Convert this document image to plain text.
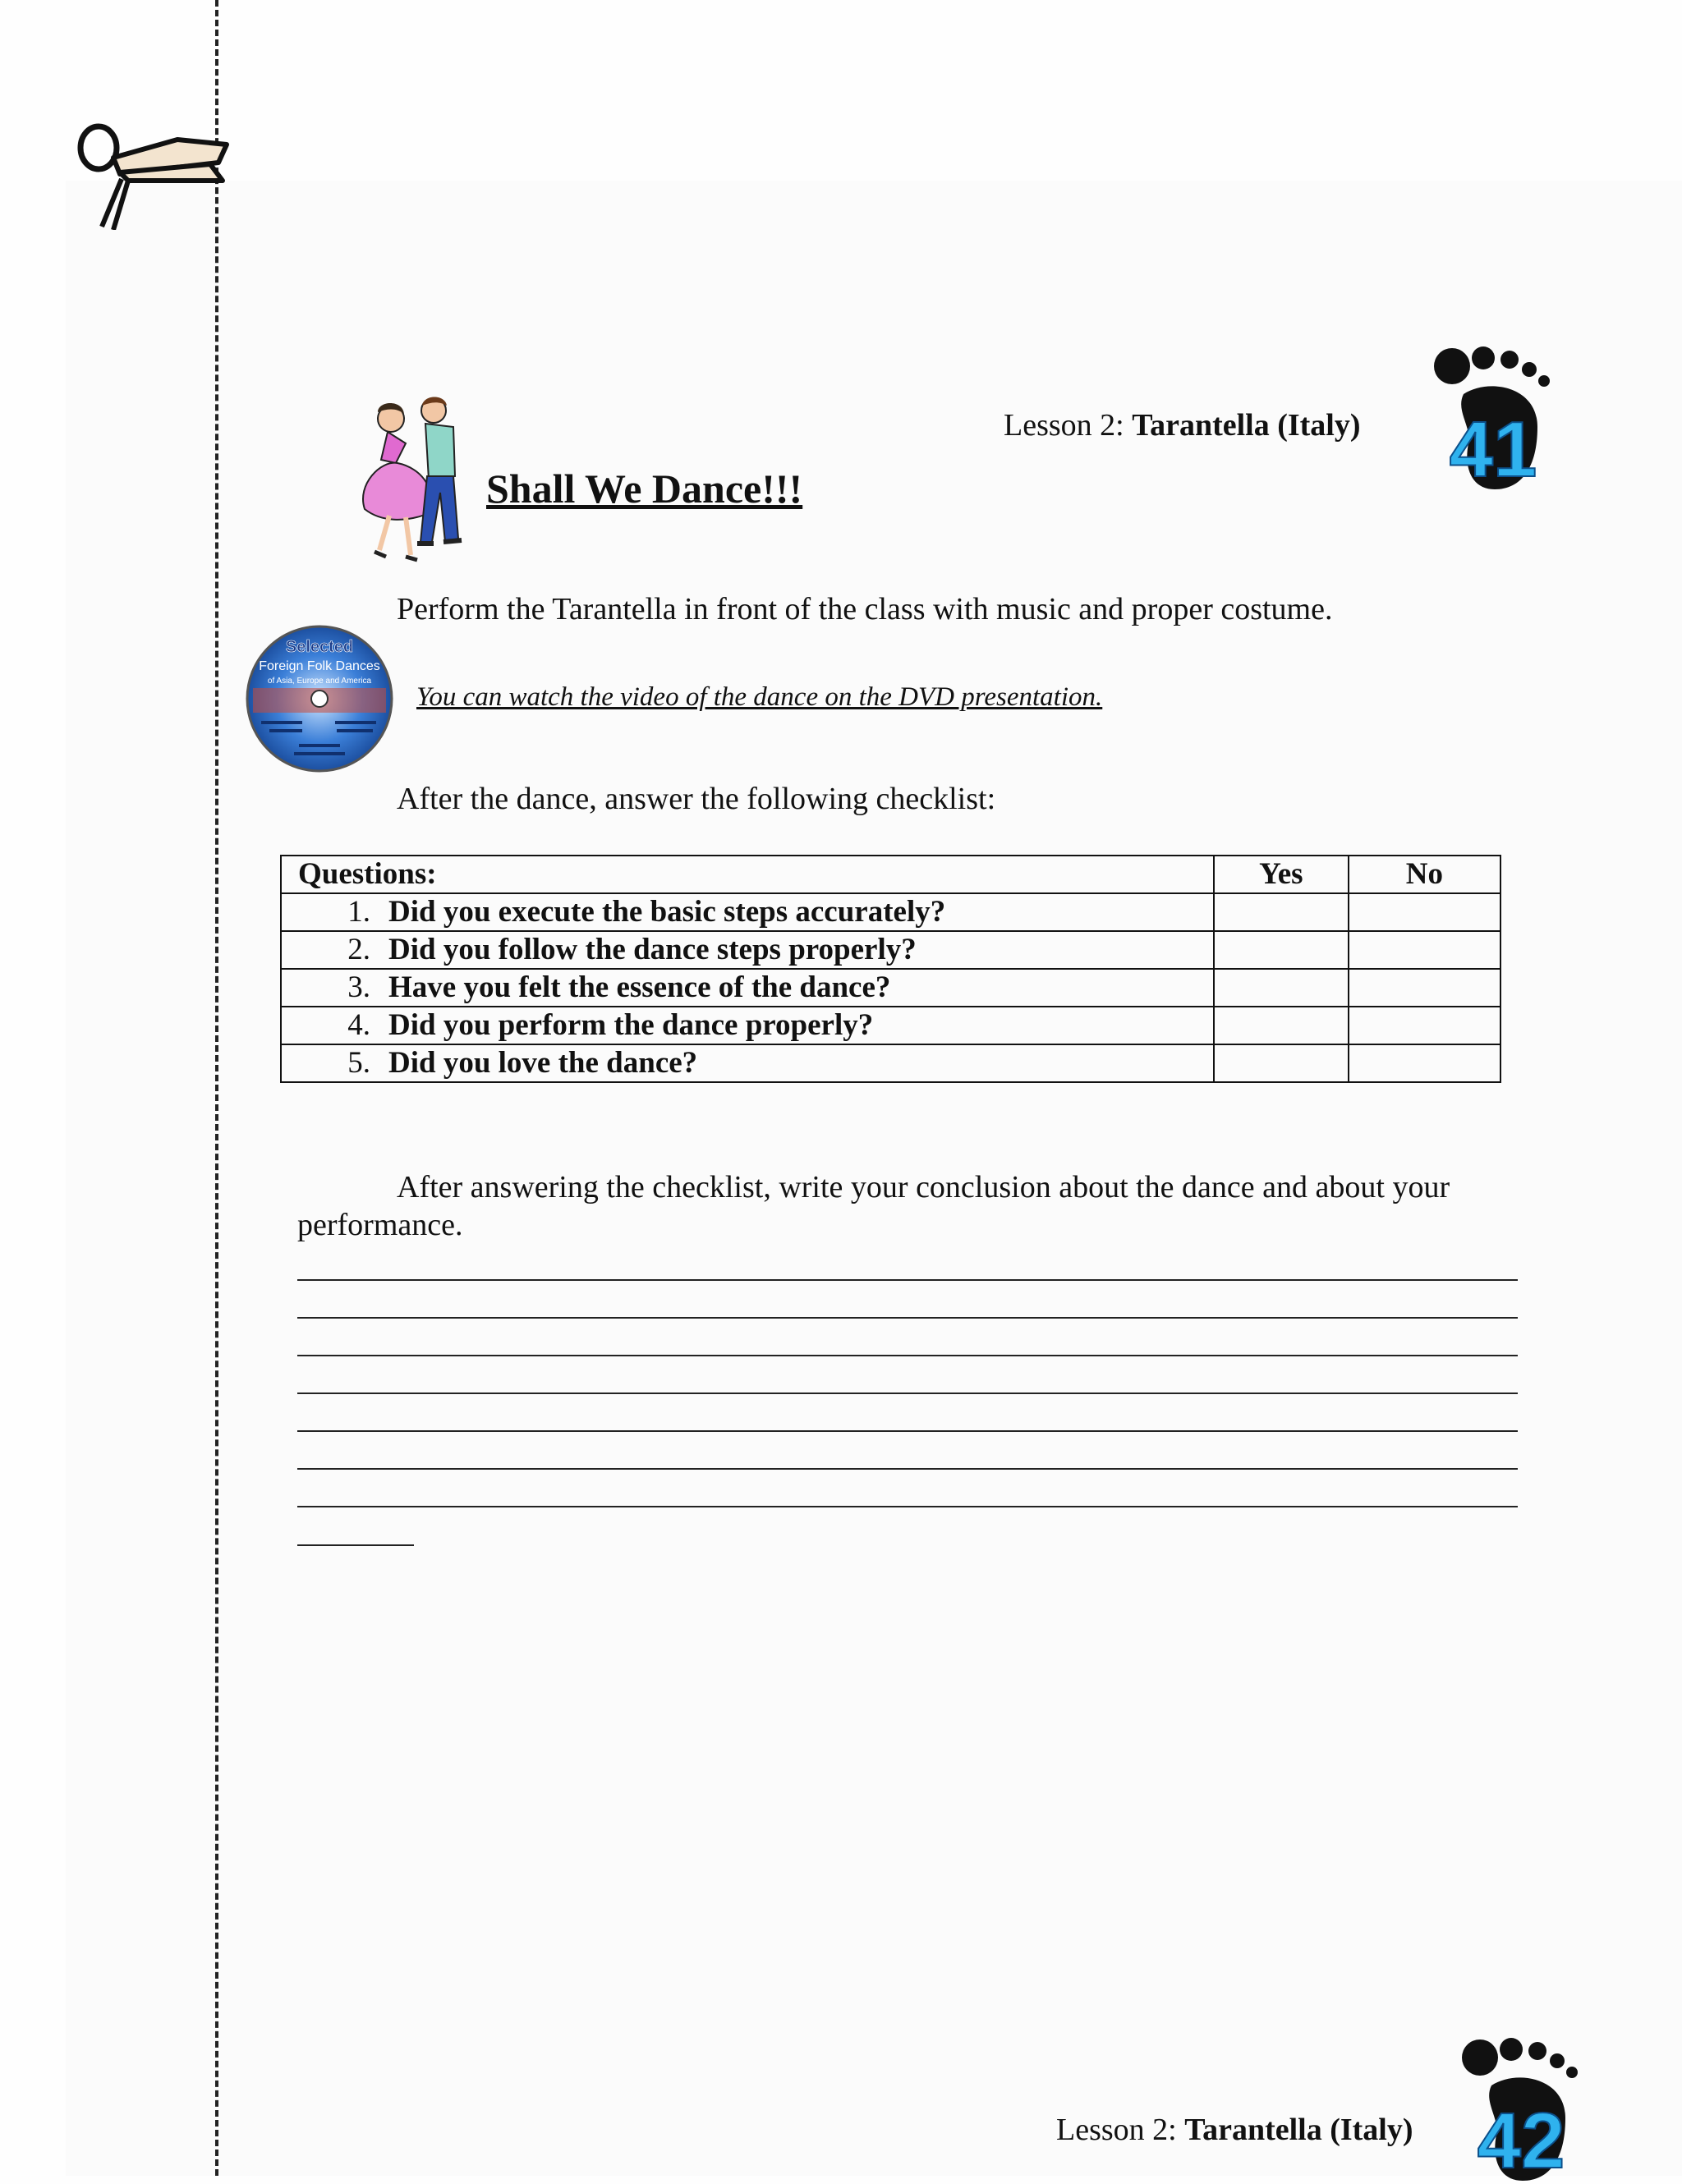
41
Lesson 2: Tarantella (Italy)
Shall We Dance!!!
Perform the Tarantella in front of the class with music and proper costume.
Selected
Foreign Folk Dances
of Asia, Europe and America
You can watch the video of the dance on the DVD presentation.
After the dance, answer the following checklist:
Questions:	Yes	No
1. Did you execute the basic steps accurately?		
2. Did you follow the dance steps properly?		
3. Have you felt the essence of the dance?		
4. Did you perform the dance properly?		
5. Did you love the dance?		
After answering the checklist, write your conclusion about the dance and about your
performance.
42
Lesson 2: Tarantella (Italy)
